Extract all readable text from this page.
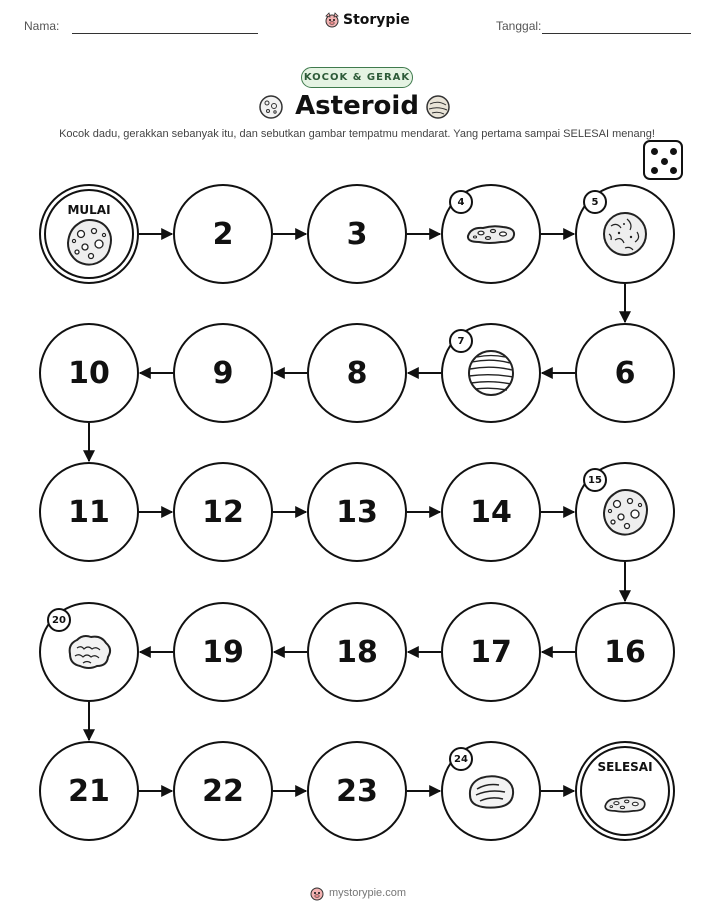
Nama:	Storypie	Tanggal:
KOCOK & GERAK
Asteroid
Kocok dadu, gerakkan sebanyak itu, dan sebutkan gambar tempatmu mendarat. Yang pertama sampai SELESAI menang!
MULAI
2	3
4	5
6
7
8
9
10
11	12	13	14
15
16
17
18
19
20
21	22	23
24
SELESAI
mystorypie.com
